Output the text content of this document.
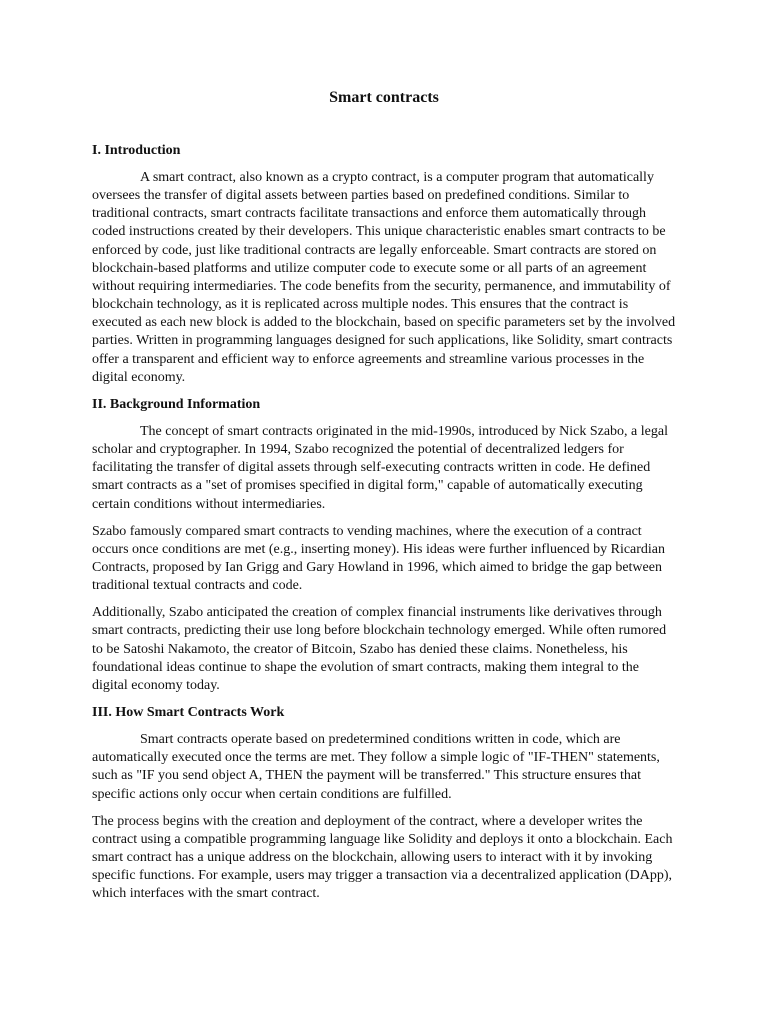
Smart contracts
I. Introduction

A smart contract, also known as a crypto contract, is a computer program that automatically oversees the transfer of digital assets between parties based on predefined conditions. Similar to traditional contracts, smart contracts facilitate transactions and enforce them automatically through coded instructions created by their developers. This unique characteristic enables smart contracts to be enforced by code, just like traditional contracts are legally enforceable. Smart contracts are stored on blockchain-based platforms and utilize computer code to execute some or all parts of an agreement without requiring intermediaries. The code benefits from the security, permanence, and immutability of blockchain technology, as it is replicated across multiple nodes. This ensures that the contract is executed as each new block is added to the blockchain, based on specific parameters set by the involved parties. Written in programming languages designed for such applications, like Solidity, smart contracts offer a transparent and efficient way to enforce agreements and streamline various processes in the digital economy.

II. Background Information

The concept of smart contracts originated in the mid-1990s, introduced by Nick Szabo, a legal scholar and cryptographer. In 1994, Szabo recognized the potential of decentralized ledgers for facilitating the transfer of digital assets through self-executing contracts written in code. He defined smart contracts as a "set of promises specified in digital form," capable of automatically executing certain conditions without intermediaries.

Szabo famously compared smart contracts to vending machines, where the execution of a contract occurs once conditions are met (e.g., inserting money). His ideas were further influenced by Ricardian Contracts, proposed by Ian Grigg and Gary Howland in 1996, which aimed to bridge the gap between traditional textual contracts and code.

Additionally, Szabo anticipated the creation of complex financial instruments like derivatives through smart contracts, predicting their use long before blockchain technology emerged. While often rumored to be Satoshi Nakamoto, the creator of Bitcoin, Szabo has denied these claims. Nonetheless, his foundational ideas continue to shape the evolution of smart contracts, making them integral to the digital economy today.

III. How Smart Contracts Work

Smart contracts operate based on predetermined conditions written in code, which are automatically executed once the terms are met. They follow a simple logic of "IF-THEN" statements, such as "IF you send object A, THEN the payment will be transferred." This structure ensures that specific actions only occur when certain conditions are fulfilled.

The process begins with the creation and deployment of the contract, where a developer writes the contract using a compatible programming language like Solidity and deploys it onto a blockchain. Each smart contract has a unique address on the blockchain, allowing users to interact with it by invoking specific functions. For example, users may trigger a transaction via a decentralized application (DApp), which interfaces with the smart contract.
